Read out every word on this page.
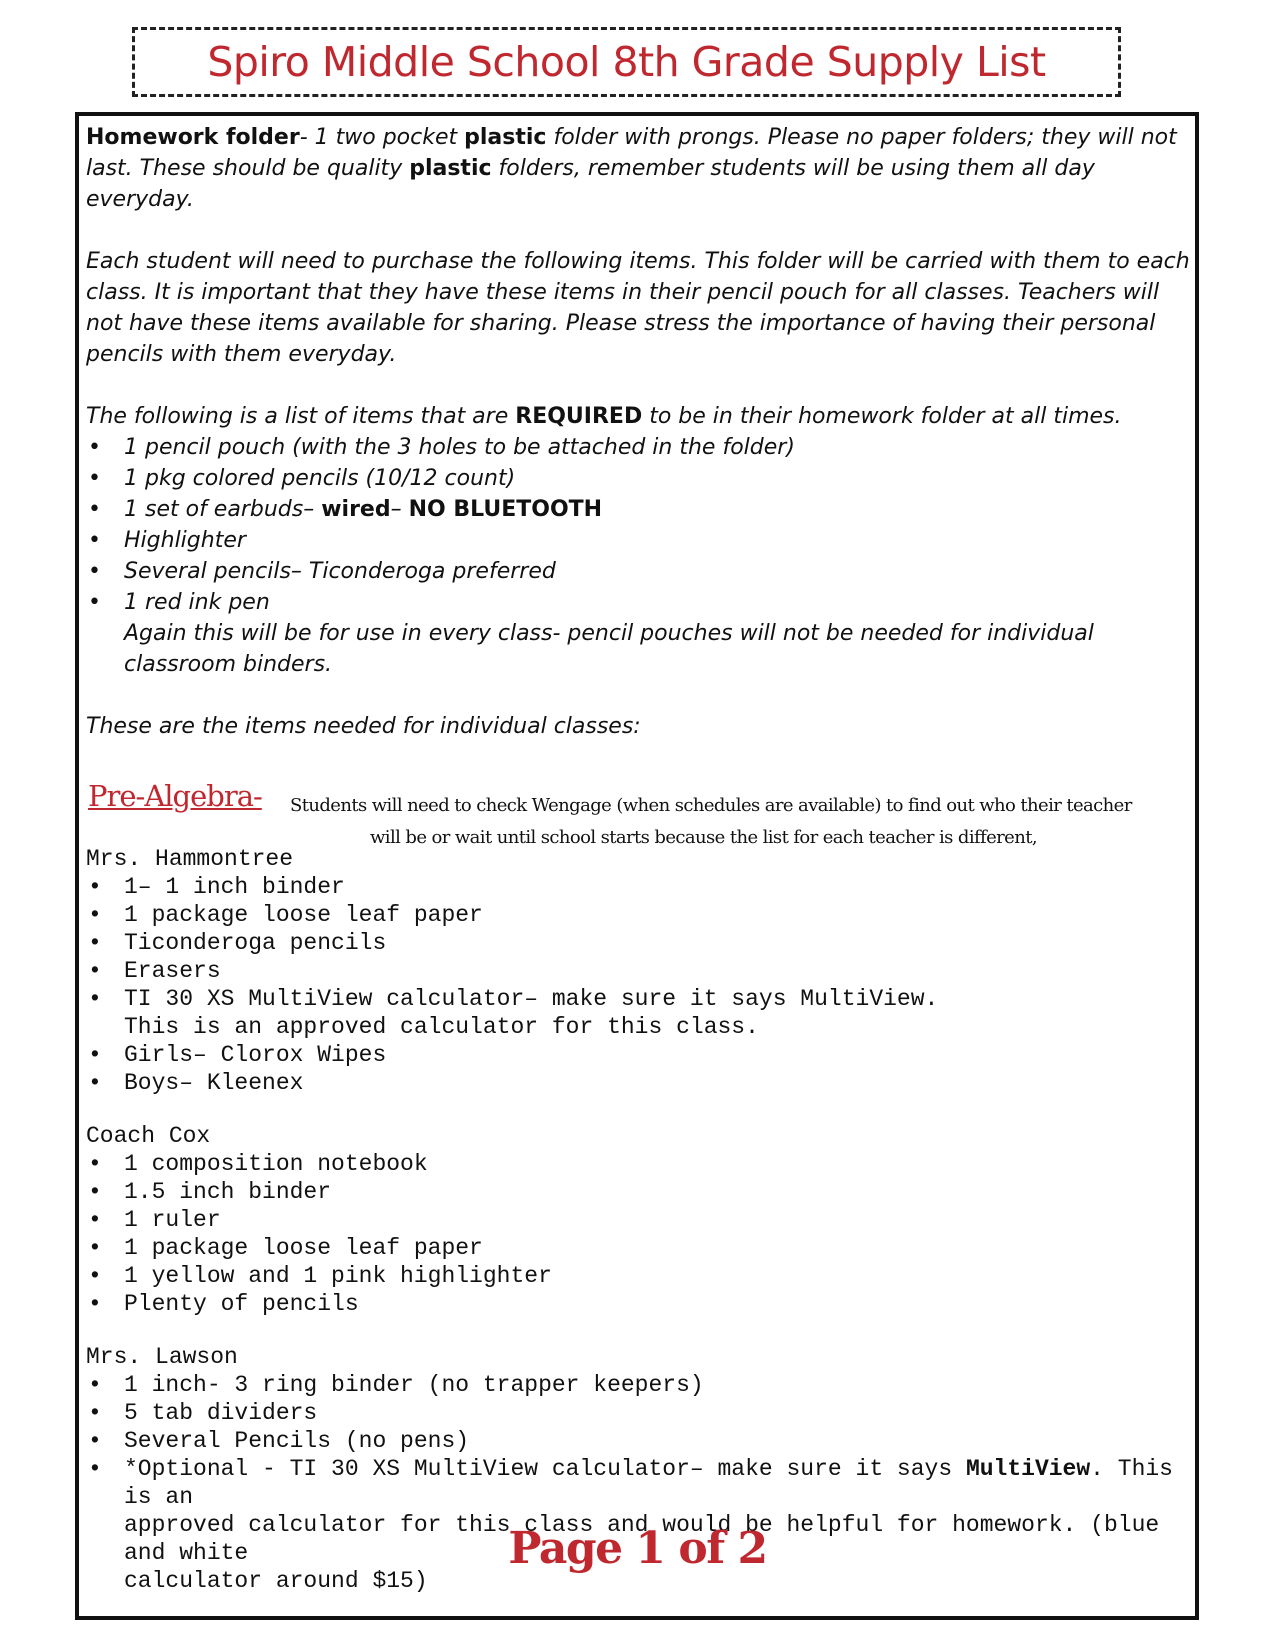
Spiro Middle School 8th Grade Supply List

Homework folder- 1 two pocket plastic folder with prongs. Please no paper folders; they will not last. These should be quality plastic folders, remember students will be using them all day everyday.

Each student will need to purchase the following items. This folder will be carried with them to each class. It is important that they have these items in their pencil pouch for all classes. Teachers will not have these items available for sharing. Please stress the importance of having their personal pencils with them everyday.

The following is a list of items that are REQUIRED to be in their homework folder at all times.

• 1 pencil pouch (with the 3 holes to be attached in the folder)
• 1 pkg colored pencils (10/12 count)
• 1 set of earbuds– wired– NO BLUETOOTH
• Highlighter
• Several pencils– Ticonderoga preferred
• 1 red ink pen

Again this will be for use in every class- pencil pouches will not be needed for individual classroom binders.

These are the items needed for individual classes:

Pre-Algebra- Students will need to check Wengage (when schedules are available) to find out who their teacher
will be or wait until school starts because the list for each teacher is different,

Mrs. Hammontree

• 1– 1 inch binder
• 1 package loose leaf paper
• Ticonderoga pencils
• Erasers
• TI 30 XS MultiView calculator– make sure it says MultiView.

This is an approved calculator for this class.

• Girls– Clorox Wipes
• Boys– Kleenex

Coach Cox

• 1 composition notebook
• 1.5 inch binder
• 1 ruler
• 1 package loose leaf paper
• 1 yellow and 1 pink highlighter
• Plenty of pencils

Mrs. Lawson

• 1 inch- 3 ring binder (no trapper keepers)
• 5 tab dividers
• Several Pencils (no pens)
• *Optional - TI 30 XS MultiView calculator– make sure it says MultiView. This is an

approved calculator for this class and would be helpful for homework. (blue and white

calculator around $15)

Page 1 of 2
